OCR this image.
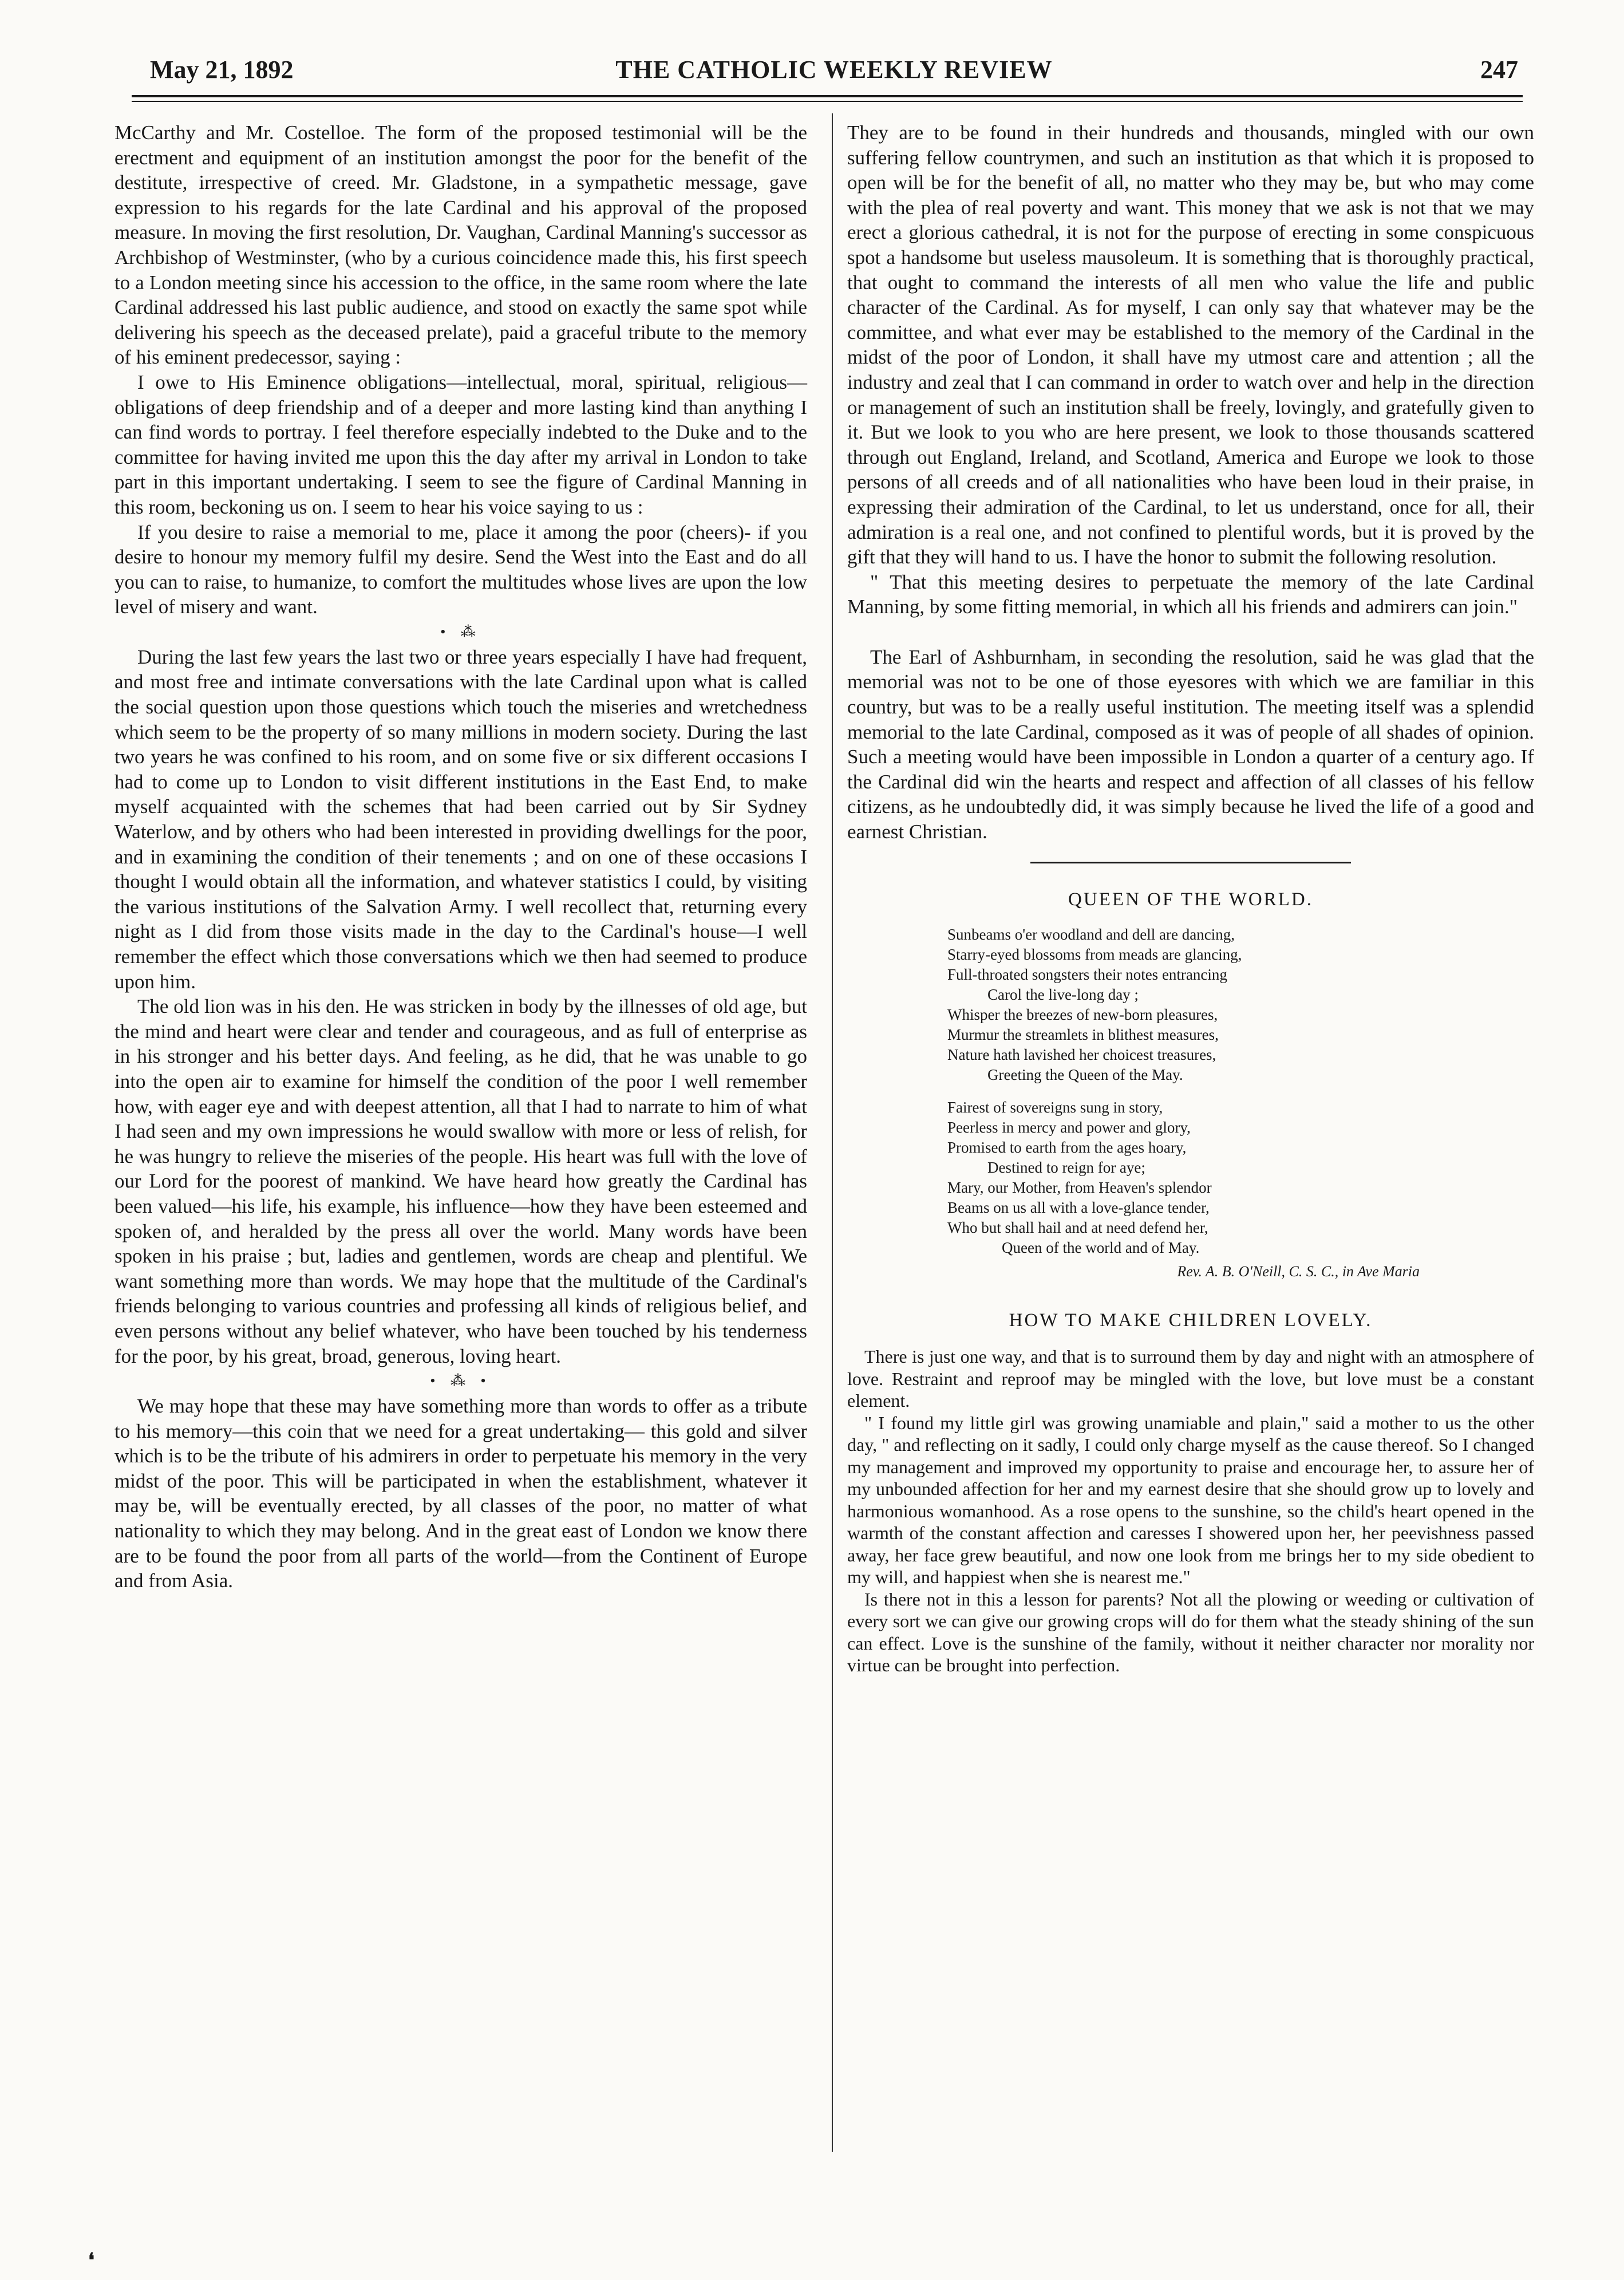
May 21, 1892	THE CATHOLIC WEEKLY REVIEW	247

McCarthy and Mr. Costelloe. The form of the proposed testimonial will be the erectment and equipment of an institution amongst the poor for the benefit of the destitute, irrespective of creed. Mr. Gladstone, in a sympathetic message, gave expression to his regards for the late Cardinal and his approval of the proposed measure. In moving the first resolution, Dr. Vaughan, Cardinal Manning's successor as Archbishop of Westminster, (who by a curious coincidence made this, his first speech to a London meeting since his accession to the office, in the same room where the late Cardinal addressed his last public audience, and stood on exactly the same spot while delivering his speech as the deceased prelate), paid a graceful tribute to the memory of his eminent predecessor, saying :

I owe to His Eminence obligations—intellectual, moral, spiritual, religious—obligations of deep friendship and of a deeper and more lasting kind than anything I can find words to portray. I feel therefore especially indebted to the Duke and to the committee for having invited me upon this the day after my arrival in London to take part in this important undertaking. I seem to see the figure of Cardinal Manning in this room, beckoning us on. I seem to hear his voice saying to us :

If you desire to raise a memorial to me, place it among the poor (cheers)- if you desire to honour my memory fulfil my desire. Send the West into the East and do all you can to raise, to humanize, to comfort the multitudes whose lives are upon the low level of misery and want.

• ⁂

During the last few years the last two or three years especially I have had frequent, and most free and intimate conversations with the late Cardinal upon what is called the social question upon those questions which touch the miseries and wretchedness which seem to be the property of so many millions in modern society. During the last two years he was confined to his room, and on some five or six different occasions I had to come up to London to visit different institutions in the East End, to make myself acquainted with the schemes that had been carried out by Sir Sydney Waterlow, and by others who had been interested in providing dwellings for the poor, and in examining the condition of their tenements ; and on one of these occasions I thought I would obtain all the information, and whatever statistics I could, by visiting the various institutions of the Salvation Army. I well recollect that, returning every night as I did from those visits made in the day to the Cardinal's house—I well remember the effect which those conversations which we then had seemed to produce upon him.

The old lion was in his den. He was stricken in body by the illnesses of old age, but the mind and heart were clear and tender and courageous, and as full of enterprise as in his stronger and his better days. And feeling, as he did, that he was unable to go into the open air to examine for himself the condition of the poor I well remember how, with eager eye and with deepest attention, all that I had to narrate to him of what I had seen and my own impressions he would swallow with more or less of relish, for he was hungry to relieve the miseries of the people. His heart was full with the love of our Lord for the poorest of mankind. We have heard how greatly the Cardinal has been valued—his life, his example, his influence—how they have been esteemed and spoken of, and heralded by the press all over the world. Many words have been spoken in his praise ; but, ladies and gentlemen, words are cheap and plentiful. We want something more than words. We may hope that the multitude of the Cardinal's friends belonging to various countries and professing all kinds of religious belief, and even persons without any belief whatever, who have been touched by his tenderness for the poor, by his great, broad, generous, loving heart.

• ⁂ •

We may hope that these may have something more than words to offer as a tribute to his memory—this coin that we need for a great undertaking— this gold and silver which is to be the tribute of his admirers in order to perpetuate his memory in the very midst of the poor. This will be participated in when the establishment, whatever it may be, will be eventually erected, by all classes of the poor, no matter of what nationality to which they may belong. And in the great east of London we know there are to be found the poor from all parts of the world—from the Continent of Europe and from Asia.

They are to be found in their hundreds and thousands, mingled with our own suffering fellow countrymen, and such an institution as that which it is proposed to open will be for the benefit of all, no matter who they may be, but who may come with the plea of real poverty and want. This money that we ask is not that we may erect a glorious cathedral, it is not for the purpose of erecting in some conspicuous spot a handsome but useless mausoleum. It is something that is thoroughly practical, that ought to command the interests of all men who value the life and public character of the Cardinal. As for myself, I can only say that whatever may be the committee, and what ever may be established to the memory of the Cardinal in the midst of the poor of London, it shall have my utmost care and attention ; all the industry and zeal that I can command in order to watch over and help in the direction or management of such an institution shall be freely, lovingly, and gratefully given to it. But we look to you who are here present, we look to those thousands scattered through out England, Ireland, and Scotland, America and Europe we look to those persons of all creeds and of all nationalities who have been loud in their praise, in expressing their admiration of the Cardinal, to let us understand, once for all, their admiration is a real one, and not confined to plentiful words, but it is proved by the gift that they will hand to us. I have the honor to submit the following resolution.

" That this meeting desires to perpetuate the memory of the late Cardinal Manning, by some fitting memorial, in which all his friends and admirers can join."

The Earl of Ashburnham, in seconding the resolution, said he was glad that the memorial was not to be one of those eyesores with which we are familiar in this country, but was to be a really useful institution. The meeting itself was a splendid memorial to the late Cardinal, composed as it was of people of all shades of opinion. Such a meeting would have been impossible in London a quarter of a century ago. If the Cardinal did win the hearts and respect and affection of all classes of his fellow citizens, as he undoubtedly did, it was simply because he lived the life of a good and earnest Christian.

QUEEN OF THE WORLD.
Sunbeams o'er woodland and dell are dancing,
Starry-eyed blossoms from meads are glancing,
Full-throated songsters their notes entrancing
Carol the live-long day ;
Whisper the breezes of new-born pleasures,
Murmur the streamlets in blithest measures,
Nature hath lavished her choicest treasures,
Greeting the Queen of the May.
Fairest of sovereigns sung in story,
Peerless in mercy and power and glory,
Promised to earth from the ages hoary,
Destined to reign for aye;
Mary, our Mother, from Heaven's splendor
Beams on us all with a love-glance tender,
Who but shall hail and at need defend her,
Queen of the world and of May.
Rev. A. B. O'Neill, C. S. C., in Ave Maria
HOW TO MAKE CHILDREN LOVELY.

There is just one way, and that is to surround them by day and night with an atmosphere of love. Restraint and reproof may be mingled with the love, but love must be a constant element.

" I found my little girl was growing unamiable and plain," said a mother to us the other day, " and reflecting on it sadly, I could only charge myself as the cause thereof. So I changed my management and improved my opportunity to praise and encourage her, to assure her of my unbounded affection for her and my earnest desire that she should grow up to lovely and harmonious womanhood. As a rose opens to the sunshine, so the child's heart opened in the warmth of the constant affection and caresses I showered upon her, her peevishness passed away, her face grew beautiful, and now one look from me brings her to my side obedient to my will, and happiest when she is nearest me."

Is there not in this a lesson for parents? Not all the plowing or weeding or cultivation of every sort we can give our growing crops will do for them what the steady shining of the sun can effect. Love is the sunshine of the family, without it neither character nor morality nor virtue can be brought into perfection.

❛
